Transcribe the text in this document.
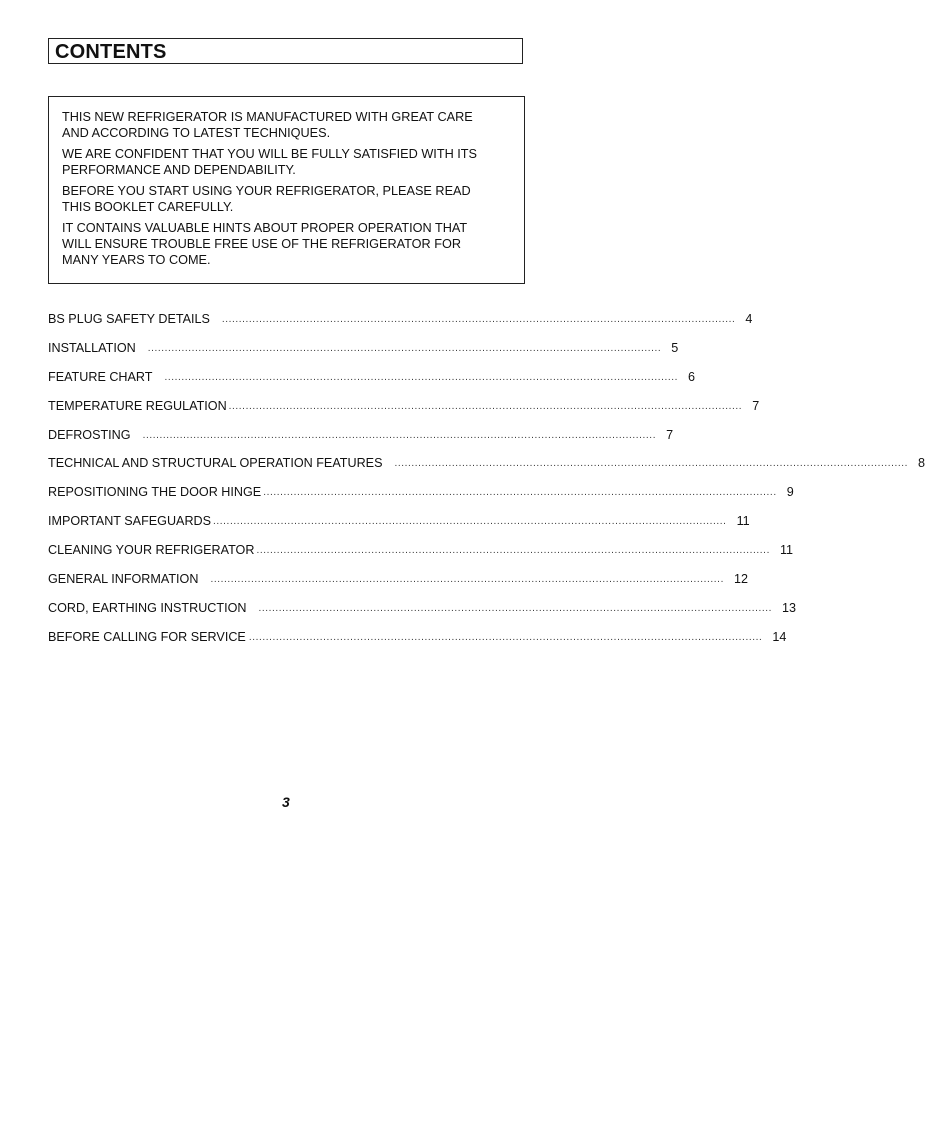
CONTENTS

THIS NEW REFRIGERATOR IS MANUFACTURED WITH GREAT CARE
AND ACCORDING TO LATEST TECHNIQUES.

WE ARE CONFIDENT THAT YOU WILL BE FULLY SATISFIED WITH ITS
PERFORMANCE AND DEPENDABILITY.

BEFORE YOU START USING YOUR REFRIGERATOR, PLEASE READ
THIS BOOKLET CAREFULLY.

IT CONTAINS VALUABLE HINTS ABOUT PROPER OPERATION THAT
WILL ENSURE TROUBLE FREE USE OF THE REFRIGERATOR FOR
MANY YEARS TO COME.

BS PLUG SAFETY DETAILS ........................................................................................................................................................ 4
INSTALLATION ........................................................................................................................................................ 5
FEATURE CHART ........................................................................................................................................................ 6
TEMPERATURE REGULATION ........................................................................................................................................................ 7
DEFROSTING ........................................................................................................................................................ 7
TECHNICAL AND STRUCTURAL OPERATION FEATURES ........................................................................................................................................................ 8
REPOSITIONING THE DOOR HINGE ........................................................................................................................................................ 9
IMPORTANT SAFEGUARDS ........................................................................................................................................................ 11
CLEANING YOUR REFRIGERATOR ........................................................................................................................................................ 11
GENERAL INFORMATION ........................................................................................................................................................ 12
CORD, EARTHING INSTRUCTION ........................................................................................................................................................ 13
BEFORE CALLING FOR SERVICE ........................................................................................................................................................ 14
3
